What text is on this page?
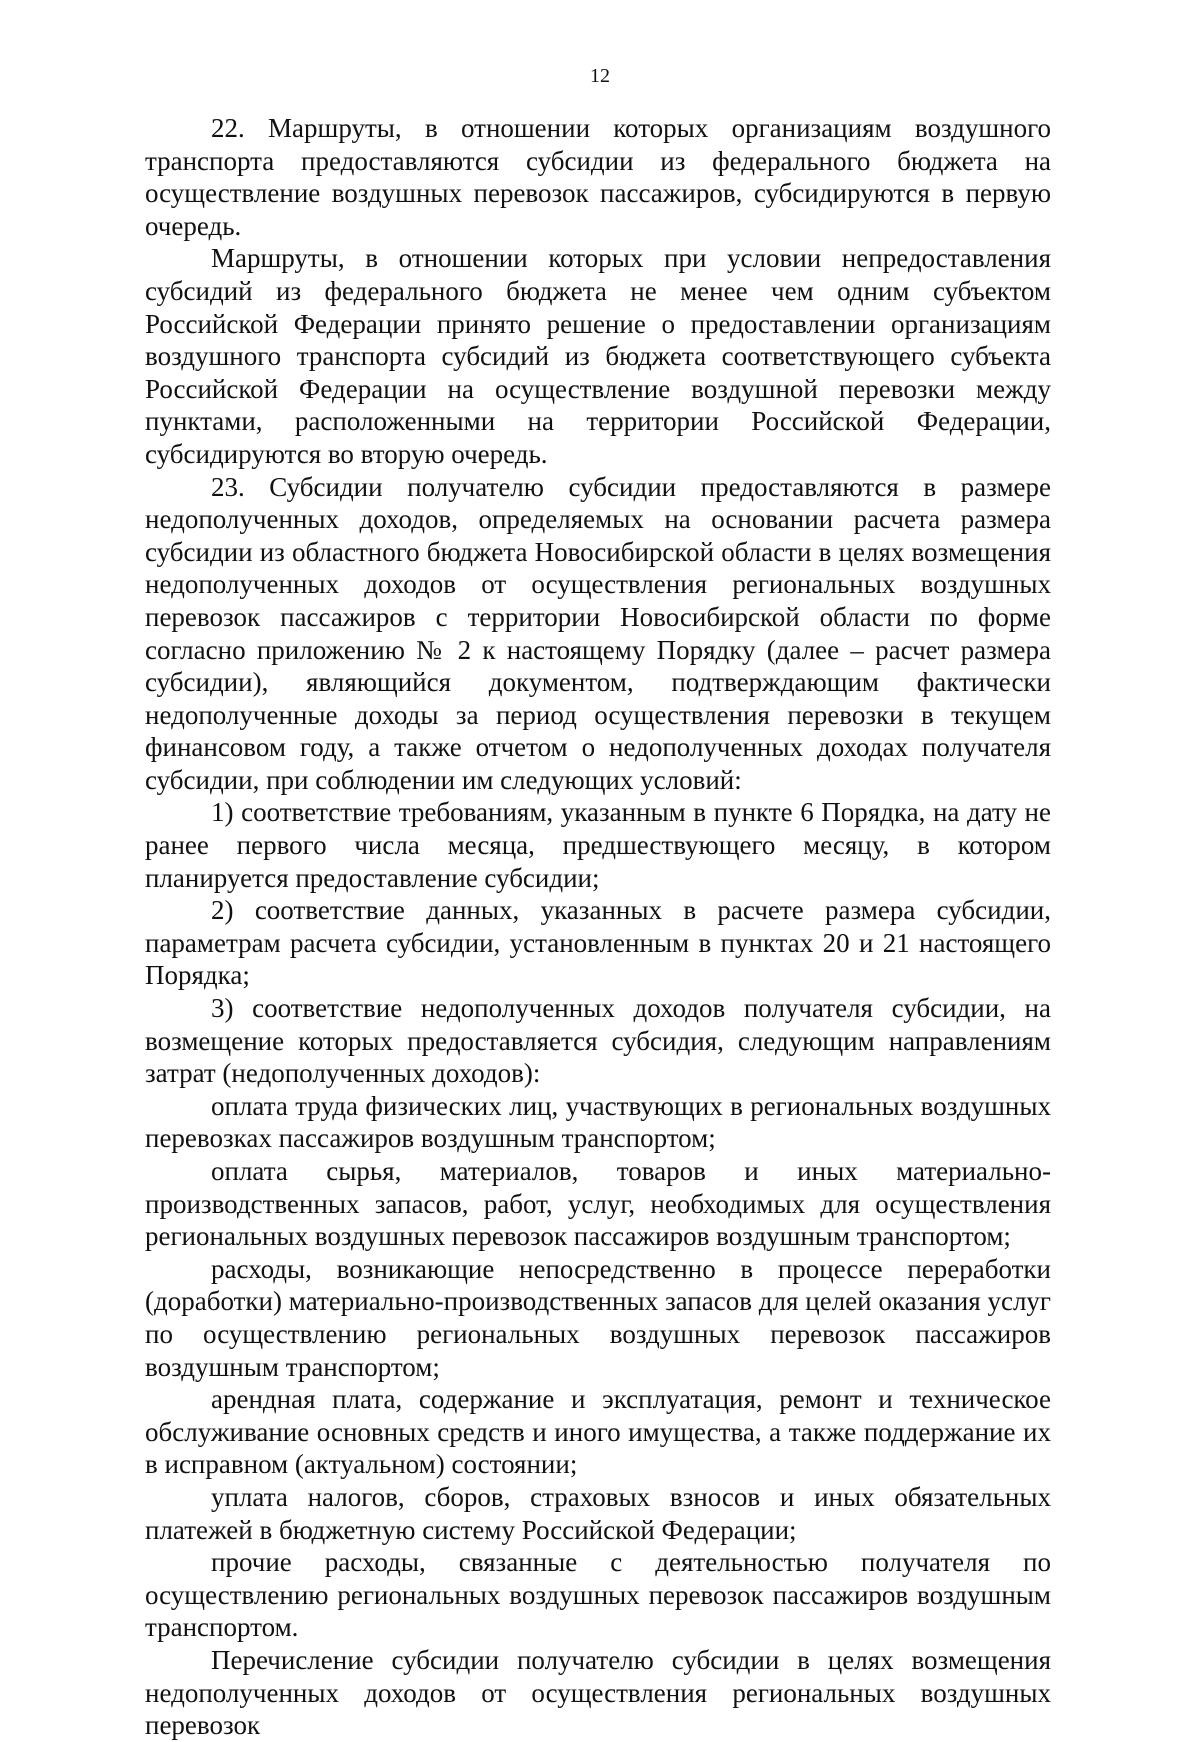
12

22. Маршруты, в отношении которых организациям воздушного транспорта предоставляются субсидии из федерального бюджета на осуществление воздушных перевозок пассажиров, субсидируются в первую очередь.

Маршруты, в отношении которых при условии непредоставления субсидий из федерального бюджета не менее чем одним субъектом Российской Федерации принято решение о предоставлении организациям воздушного транспорта субсидий из бюджета соответствующего субъекта Российской Федерации на осуществление воздушной перевозки между пунктами, расположенными на территории Российской Федерации, субсидируются во вторую очередь.

23. Субсидии получателю субсидии предоставляются в размере недополученных доходов, определяемых на основании расчета размера субсидии из областного бюджета Новосибирской области в целях возмещения недополученных доходов от осуществления региональных воздушных перевозок пассажиров с территории Новосибирской области по форме согласно приложению № 2 к настоящему Порядку (далее – расчет размера субсидии), являющийся документом, подтверждающим фактически недополученные доходы за период осуществления перевозки в текущем финансовом году, а также отчетом о недополученных доходах получателя субсидии, при соблюдении им следующих условий:

1) соответствие требованиям, указанным в пункте 6 Порядка, на дату не ранее первого числа месяца, предшествующего месяцу, в котором планируется предоставление субсидии;

2) соответствие данных, указанных в расчете размера субсидии, параметрам расчета субсидии, установленным в пунктах 20 и 21 настоящего Порядка;

3) соответствие недополученных доходов получателя субсидии, на возмещение которых предоставляется субсидия, следующим направлениям затрат (недополученных доходов):

оплата труда физических лиц, участвующих в региональных воздушных перевозках пассажиров воздушным транспортом;

оплата сырья, материалов, товаров и иных материально-производственных запасов, работ, услуг, необходимых для осуществления региональных воздушных перевозок пассажиров воздушным транспортом;

расходы, возникающие непосредственно в процессе переработки (доработки) материально-производственных запасов для целей оказания услуг по осуществлению региональных воздушных перевозок пассажиров воздушным транспортом;

арендная плата, содержание и эксплуатация, ремонт и техническое обслуживание основных средств и иного имущества, а также поддержание их в исправном (актуальном) состоянии;

уплата налогов, сборов, страховых взносов и иных обязательных платежей в бюджетную систему Российской Федерации;

прочие расходы, связанные с деятельностью получателя по осуществлению региональных воздушных перевозок пассажиров воздушным транспортом.

Перечисление субсидии получателю субсидии в целях возмещения недополученных доходов от осуществления региональных воздушных перевозок
